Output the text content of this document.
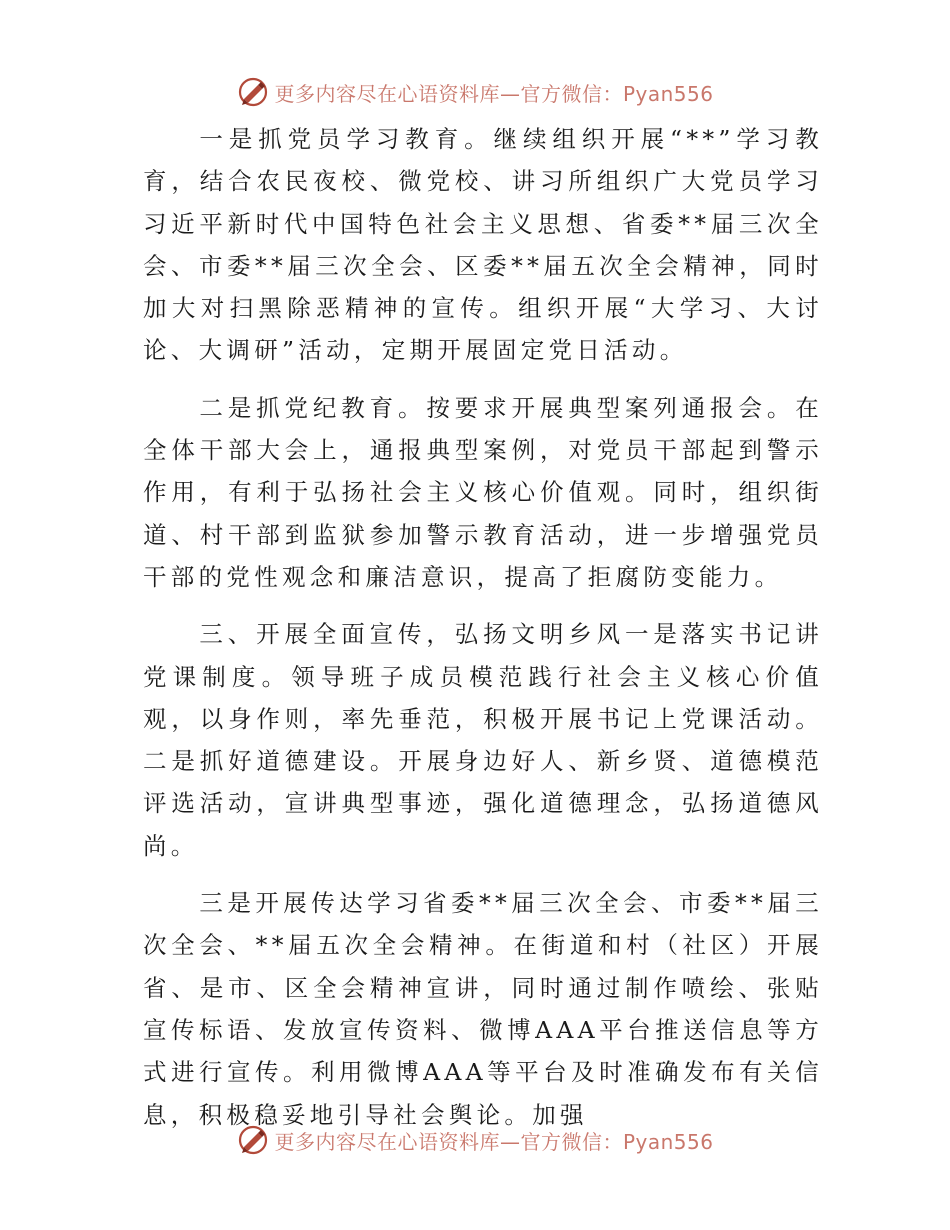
更多内容尽在心语资料库—官方微信：Pyan556

一是抓党员学习教育。继续组织开展“**”学习教育，结合农民夜校、微党校、讲习所组织广大党员学习习近平新时代中国特色社会主义思想、省委**届三次全会、市委**届三次全会、区委**届五次全会精神，同时加大对扫黑除恶精神的宣传。组织开展“大学习、大讨论、大调研”活动，定期开展固定党日活动。

二是抓党纪教育。按要求开展典型案列通报会。在全体干部大会上，通报典型案例，对党员干部起到警示作用，有利于弘扬社会主义核心价值观。同时，组织街道、村干部到监狱参加警示教育活动，进一步增强党员干部的党性观念和廉洁意识，提高了拒腐防变能力。

三、开展全面宣传，弘扬文明乡风一是落实书记讲党课制度。领导班子成员模范践行社会主义核心价值观，以身作则，率先垂范，积极开展书记上党课活动。二是抓好道德建设。开展身边好人、新乡贤、道德模范评选活动，宣讲典型事迹，强化道德理念，弘扬道德风尚。

三是开展传达学习省委**届三次全会、市委**届三次全会、**届五次全会精神。在街道和村（社区）开展省、是市、区全会精神宣讲，同时通过制作喷绘、张贴宣传标语、发放宣传资料、微博AAA平台推送信息等方式进行宣传。利用微博AAA等平台及时准确发布有关信息，积极稳妥地引导社会舆论。加强

更多内容尽在心语资料库—官方微信：Pyan556
